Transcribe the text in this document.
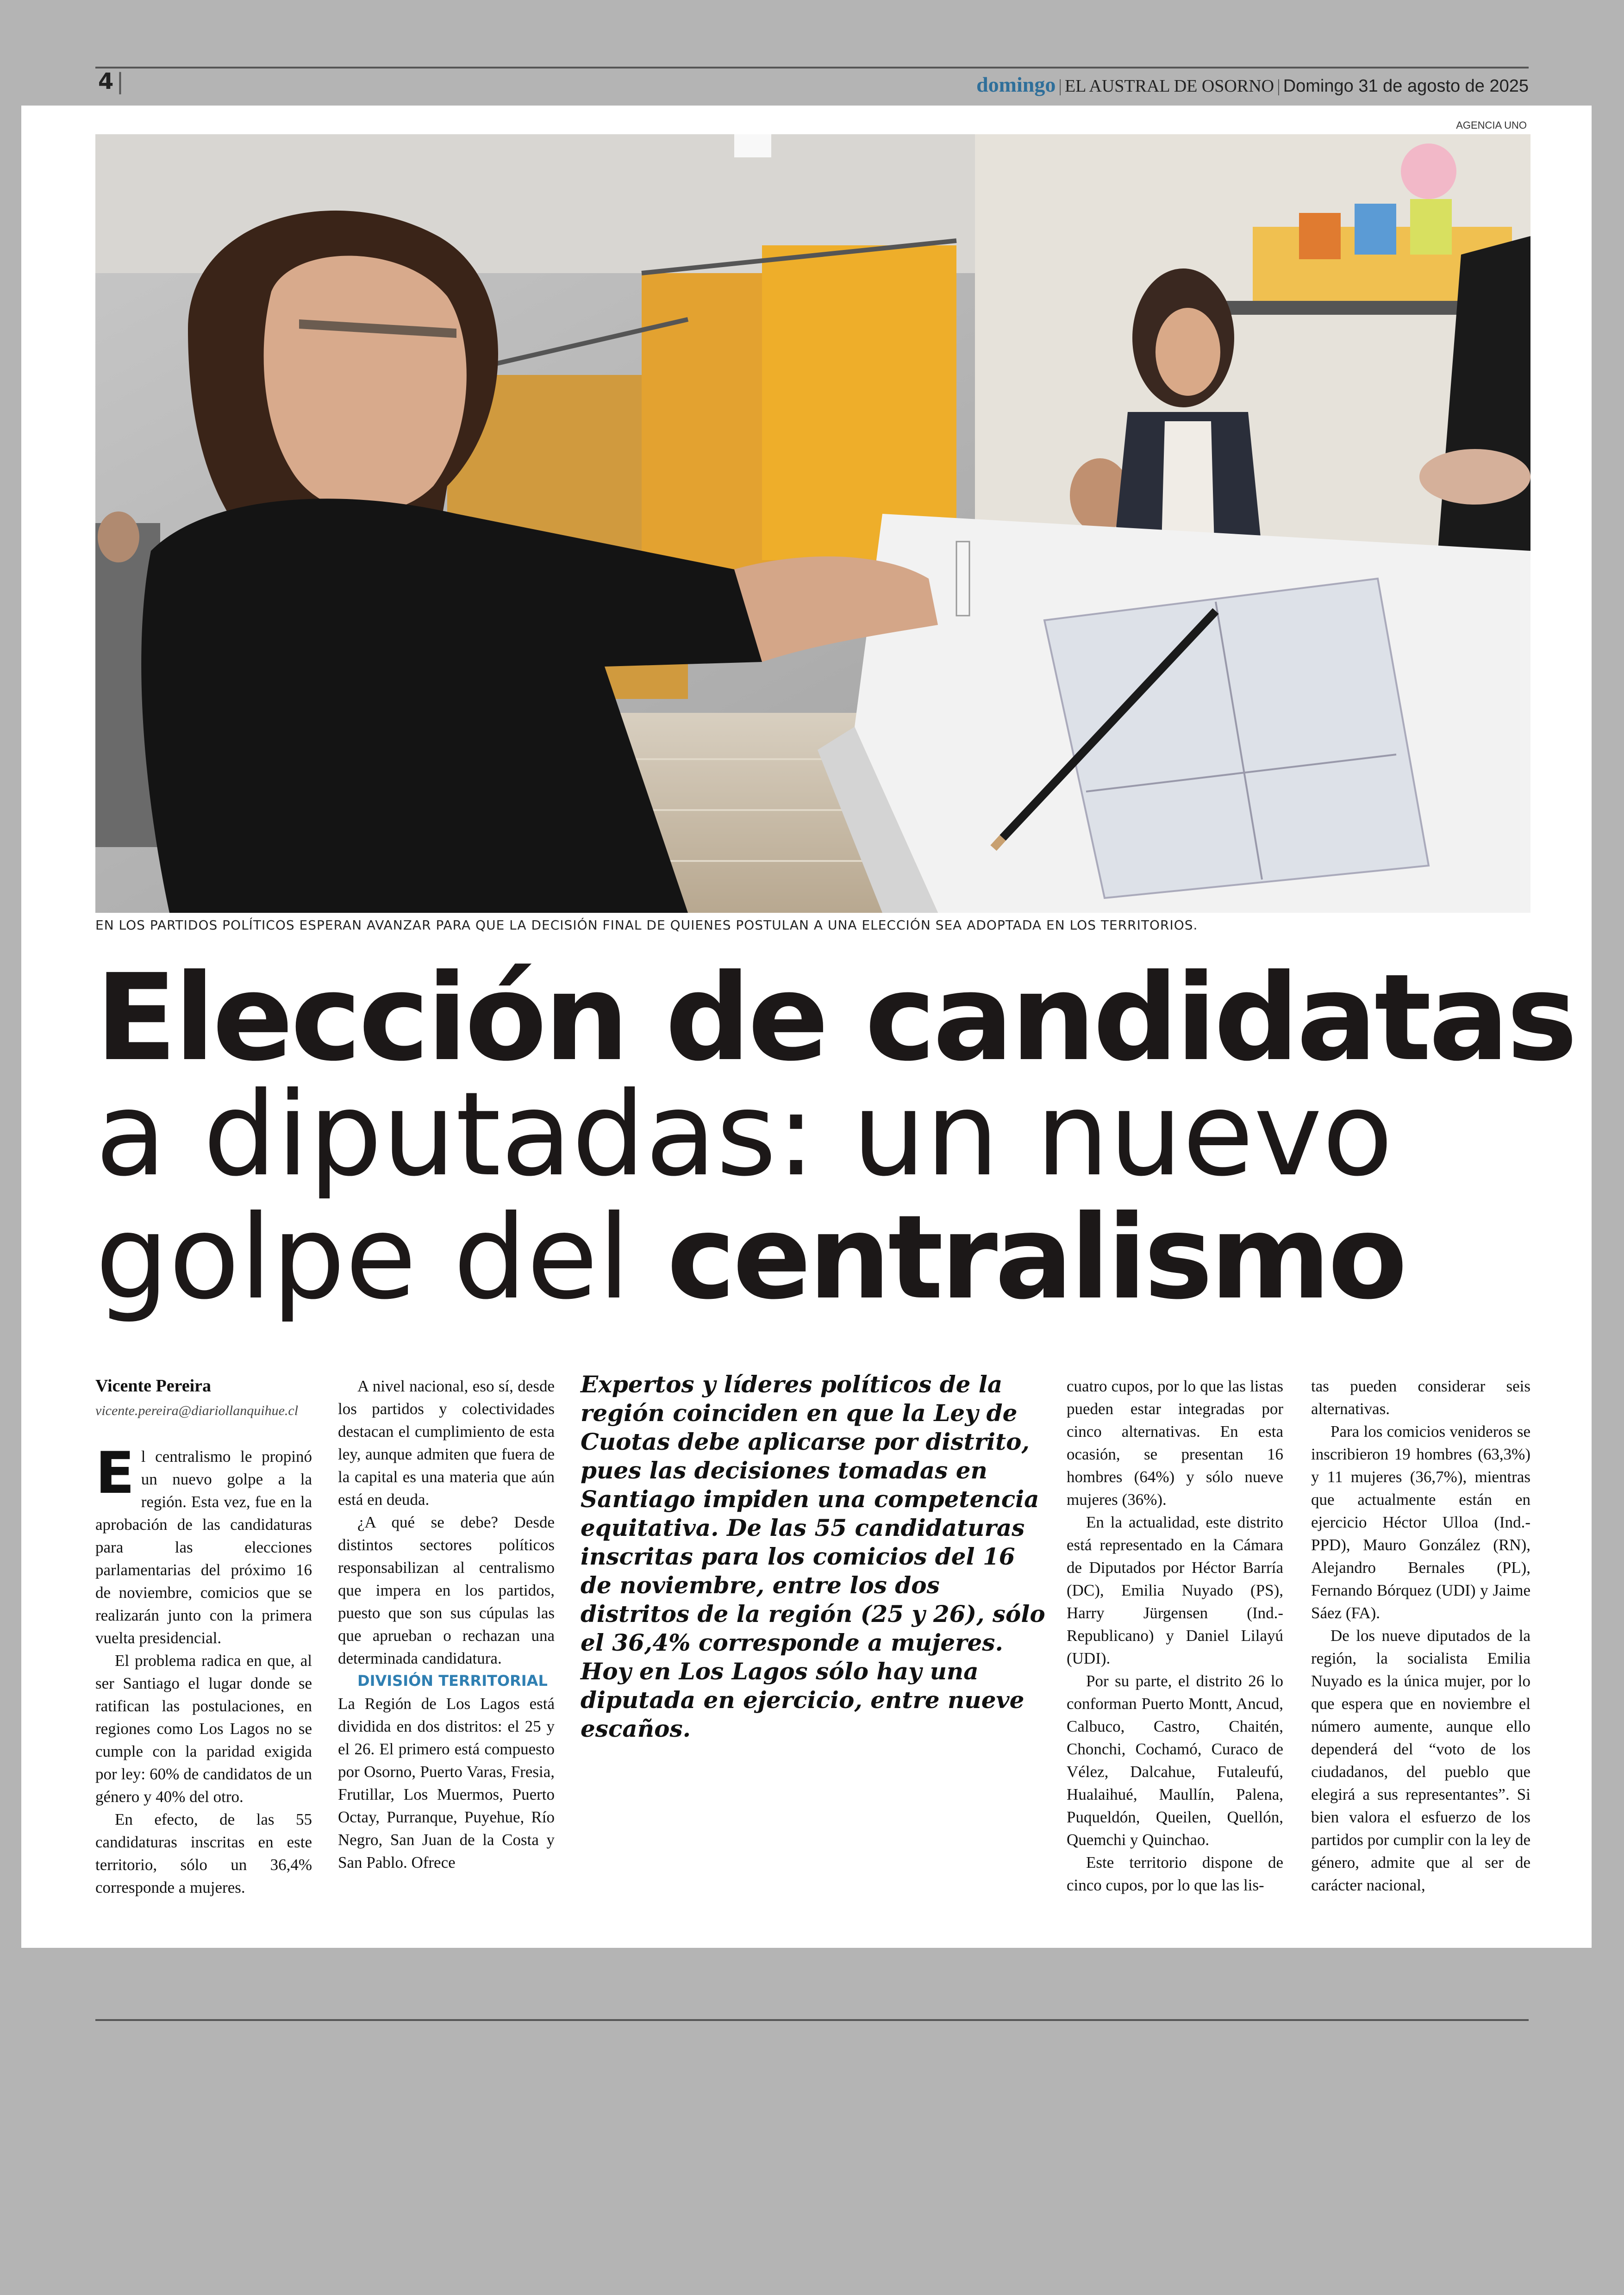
4 |	domingo | EL AUSTRAL DE OSORNO | Domingo 31 de agosto de 2025
AGENCIA UNO
EN LOS PARTIDOS POLÍTICOS ESPERAN AVANZAR PARA QUE LA DECISIÓN FINAL DE QUIENES POSTULAN A UNA ELECCIÓN SEA ADOPTADA EN LOS TERRITORIOS.
Elección de candidatas
a diputadas: un nuevo
golpe del centralismo
Vicente Pereira
vicente.pereira@diariollanquihue.cl

El centralismo le propinó un nuevo golpe a la región. Esta vez, fue en la aprobación de las candidaturas para las elecciones parlamentarias del próximo 16 de noviembre, comicios que se realizarán junto con la primera vuelta presidencial.

El problema radica en que, al ser Santiago el lugar donde se ratifican las postulaciones, en regiones como Los Lagos no se cumple con la paridad exigida por ley: 60% de candidatos de un género y 40% del otro.

En efecto, de las 55 candidaturas inscritas en este territorio, sólo un 36,4% corresponde a mujeres.

A nivel nacional, eso sí, desde los partidos y colectividades destacan el cumplimiento de esta ley, aunque admiten que fuera de la capital es una materia que aún está en deuda.

¿A qué se debe? Desde distintos sectores políticos responsabilizan al centralismo que impera en los partidos, puesto que son sus cúpulas las que aprueban o rechazan una determinada candidatura.

DIVISIÓN TERRITORIAL

La Región de Los Lagos está dividida en dos distritos: el 25 y el 26. El primero está compuesto por Osorno, Puerto Varas, Fresia, Frutillar, Los Muermos, Puerto Octay, Purranque, Puyehue, Río Negro, San Juan de la Costa y San Pablo. Ofrece

Expertos y líderes políticos de la región coinciden en que la Ley de Cuotas debe aplicarse por distrito, pues las decisiones tomadas en Santiago impiden una competencia equitativa. De las 55 candidaturas inscritas para los comicios del 16 de noviembre, entre los dos distritos de la región (25 y 26), sólo el 36,4% corresponde a mujeres. Hoy en Los Lagos sólo hay una diputada en ejercicio, entre nueve escaños.

cuatro cupos, por lo que las listas pueden estar integradas por cinco alternativas. En esta ocasión, se presentan 16 hombres (64%) y sólo nueve mujeres (36%).

En la actualidad, este distrito está representado en la Cámara de Diputados por Héctor Barría (DC), Emilia Nuyado (PS), Harry Jürgensen (Ind.-Republicano) y Daniel Lilayú (UDI).

Por su parte, el distrito 26 lo conforman Puerto Montt, Ancud, Calbuco, Castro, Chaitén, Chonchi, Cochamó, Curaco de Vélez, Dalcahue, Futaleufú, Hualaihué, Maullín, Palena, Puqueldón, Queilen, Quellón, Quemchi y Quinchao.

Este territorio dispone de cinco cupos, por lo que las lis-

tas pueden considerar seis alternativas.

Para los comicios venideros se inscribieron 19 hombres (63,3%) y 11 mujeres (36,7%), mientras que actualmente están en ejercicio Héctor Ulloa (Ind.-PPD), Mauro González (RN), Alejandro Bernales (PL), Fernando Bórquez (UDI) y Jaime Sáez (FA).

De los nueve diputados de la región, la socialista Emilia Nuyado es la única mujer, por lo que espera que en noviembre el número aumente, aunque ello dependerá del “voto de los ciudadanos, del pueblo que elegirá a sus representantes”. Si bien valora el esfuerzo de los partidos por cumplir con la ley de género, admite que al ser de carácter nacional,
